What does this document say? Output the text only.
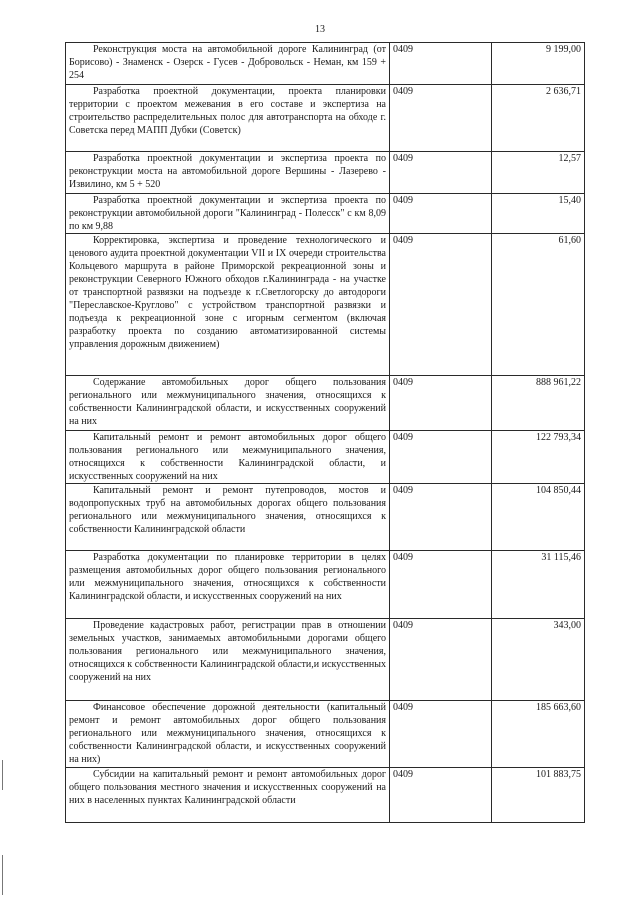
13
Реконструкция моста на автомобильной дороге Калининград (от Борисово) - Знаменск - Озерск - Гусев - Добровольск - Неман, км 159 + 254	0409	9 199,00
Разработка проектной документации, проекта планировки территории с проектом межевания в его составе и экспертиза на строительство распределительных полос для автотранспорта на обходе г. Советска перед МАПП Дубки (Советск)	0409	2 636,71
Разработка проектной документации и экспертиза проекта по реконструкции моста на автомобильной дороге Вершины - Лазерево - Извилино, км 5 + 520	0409	12,57
Разработка проектной документации и экспертиза проекта по реконструкции автомобильной дороги "Калининград - Полесск" с км 8,09 по км 9,88	0409	15,40
Корректировка, экспертиза и проведение технологического и ценового аудита проектной документации VII и IX очереди строительства Кольцевого маршрута в районе Приморской рекреационной зоны и реконструкции Северного Южного обходов г.Калининграда - на участке от транспортной развязки на подъезде к г.Светлогорску до автодороги "Переславское-Круглово" с устройством транспортной развязки и подъезда к рекреационной зоне с игорным сегментом (включая разработку проекта по созданию автоматизированной системы управления дорожным движением)	0409	61,60
Содержание автомобильных дорог общего пользования регионального или межмуниципального значения, относящихся к собственности Калининградской области, и искусственных сооружений на них	0409	888 961,22
Капитальный ремонт и ремонт автомобильных дорог общего пользования регионального или межмуниципального значения, относящихся к собственности Калининградской области, и искусственных сооружений на них	0409	122 793,34
Капитальный ремонт и ремонт путепроводов, мостов и водопропускных труб на автомобильных дорогах общего пользования регионального или межмуниципального значения, относящихся к собственности Калининградской области	0409	104 850,44
Разработка документации по планировке территории в целях размещения автомобильных дорог общего пользования регионального или межмуниципального значения, относящихся к собственности Калининградской области, и искусственных сооружений на них	0409	31 115,46
Проведение кадастровых работ, регистрации прав в отношении земельных участков, занимаемых автомобильными дорогами общего пользования регионального или межмуниципального значения, относящихся к собственности Калининградской области,и искусственных сооружений на них	0409	343,00
Финансовое обеспечение дорожной деятельности (капитальный ремонт и ремонт автомобильных дорог общего пользования регионального или межмуниципального значения, относящихся к собственности Калининградской области, и искусственных сооружений на них)	0409	185 663,60
Субсидии на капитальный ремонт и ремонт автомобильных дорог общего пользования местного значения и искусственных сооружений на них в населенных пунктах Калининградской области	0409	101 883,75
